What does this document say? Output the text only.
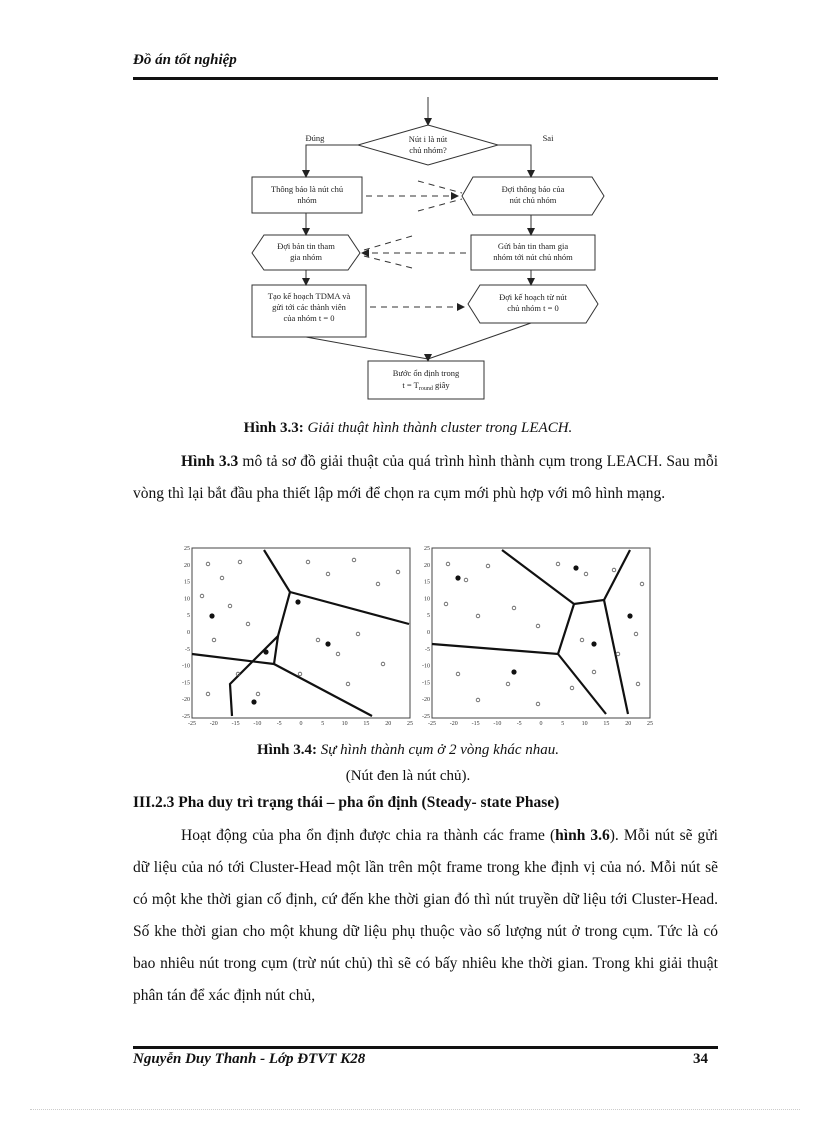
Đồ án tốt nghiệp
Nút i là nút
chủ nhóm?
Đúng	Sai
Thông báo là nút chủ
nhóm
Đợi thông báo của
nút chủ nhóm
Đợi bản tin tham
gia nhóm
Gửi bản tin tham gia
nhóm tới nút chủ nhóm
Tạo kế hoạch TDMA và
gửi tới các thành viên
của nhóm t = 0
Đợi kế hoạch từ nút
chủ nhóm t = 0
Bước ổn định trong
$t = T_{round}$ giây
Hình 3.3: Giải thuật hình thành cluster trong LEACH.
Hình 3.3 mô tả sơ đồ giải thuật của quá trình hình thành cụm trong LEACH. Sau mỗi vòng thì lại bắt đầu pha thiết lập mới để chọn ra cụm mới phù hợp với mô hình mạng.
25
20
15
10
5
0
-5
-10
-15
-20
-25
-25 -20 -15 -10	-5	0	5	10	15	20	25
25
20
15
10
5
0
-5
-10
-15
-20
-25
-25 -20 -15 -10	-5	0	5	10	15	20	25
Hình 3.4: Sự hình thành cụm ở 2 vòng khác nhau.
(Nút đen là nút chủ).
III.2.3 Pha duy trì trạng thái – pha ổn định (Steady- state Phase)
Hoạt động của pha ổn định được chia ra thành các frame (hình 3.6). Mỗi nút sẽ gửi dữ liệu của nó tới Cluster-Head một lần trên một frame trong khe định vị của nó. Mỗi nút sẽ có một khe thời gian cố định, cứ đến khe thời gian đó thì nút truyền dữ liệu tới Cluster-Head. Số khe thời gian cho một khung dữ liệu phụ thuộc vào số lượng nút ở trong cụm. Tức là có bao nhiêu nút trong cụm (trừ nút chủ) thì sẽ có bấy nhiêu khe thời gian. Trong khi giải thuật phân tán để xác định nút chủ,
Nguyễn Duy Thanh - Lớp ĐTVT K28	34
